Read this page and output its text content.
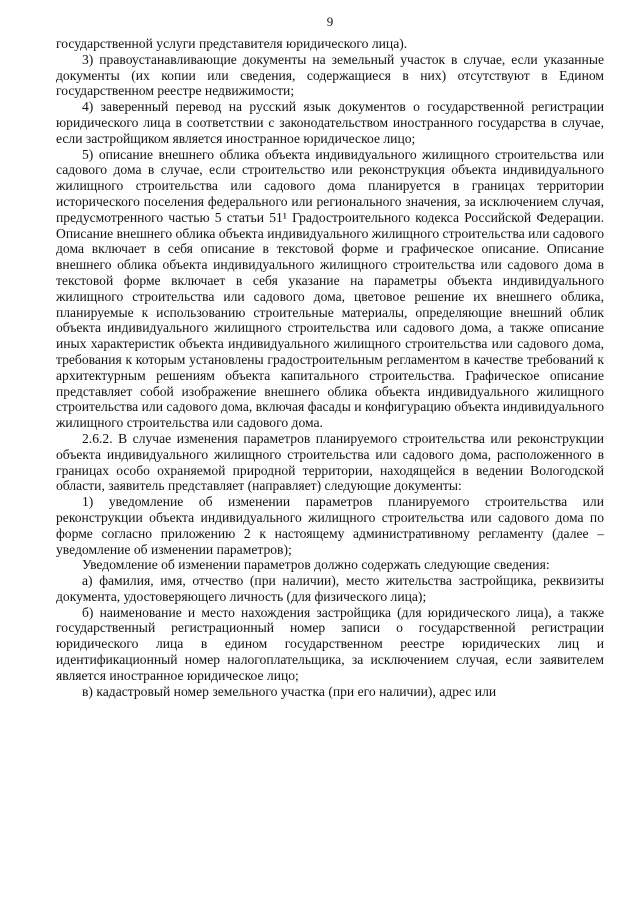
9

государственной услуги представителя юридического лица).

3) правоустанавливающие документы на земельный участок в случае, если указанные документы (их копии или сведения, содержащиеся в них) отсутствуют в Едином государственном реестре недвижимости;

4) заверенный перевод на русский язык документов о государственной регистрации юридического лица в соответствии с законодательством иностранного государства в случае, если застройщиком является иностранное юридическое лицо;

5) описание внешнего облика объекта индивидуального жилищного строительства или садового дома в случае, если строительство или реконструкция объекта индивидуального жилищного строительства или садового дома планируется в границах территории исторического поселения федерального или регионального значения, за исключением случая, предусмотренного частью 5 статьи 51¹ Градостроительного кодекса Российской Федерации. Описание внешнего облика объекта индивидуального жилищного строительства или садового дома включает в себя описание в текстовой форме и графическое описание. Описание внешнего облика объекта индивидуального жилищного строительства или садового дома в текстовой форме включает в себя указание на параметры объекта индивидуального жилищного строительства или садового дома, цветовое решение их внешнего облика, планируемые к использованию строительные материалы, определяющие внешний облик объекта индивидуального жилищного строительства или садового дома, а также описание иных характеристик объекта индивидуального жилищного строительства или садового дома, требования к которым установлены градостроительным регламентом в качестве требований к архитектурным решениям объекта капитального строительства. Графическое описание представляет собой изображение внешнего облика объекта индивидуального жилищного строительства или садового дома, включая фасады и конфигурацию объекта индивидуального жилищного строительства или садового дома.

2.6.2. В случае изменения параметров планируемого строительства или реконструкции объекта индивидуального жилищного строительства или садового дома, расположенного в границах особо охраняемой природной территории, находящейся в ведении Вологодской области, заявитель представляет (направляет) следующие документы:

1) уведомление об изменении параметров планируемого строительства или реконструкции объекта индивидуального жилищного строительства или садового дома по форме согласно приложению 2 к настоящему административному регламенту (далее – уведомление об изменении параметров);

Уведомление об изменении параметров должно содержать следующие сведения:

а) фамилия, имя, отчество (при наличии), место жительства застройщика, реквизиты документа, удостоверяющего личность (для физического лица);

б) наименование и место нахождения застройщика (для юридического лица), а также государственный регистрационный номер записи о государственной регистрации юридического лица в едином государственном реестре юридических лиц и идентификационный номер налогоплательщика, за исключением случая, если заявителем является иностранное юридическое лицо;

в) кадастровый номер земельного участка (при его наличии), адрес или
